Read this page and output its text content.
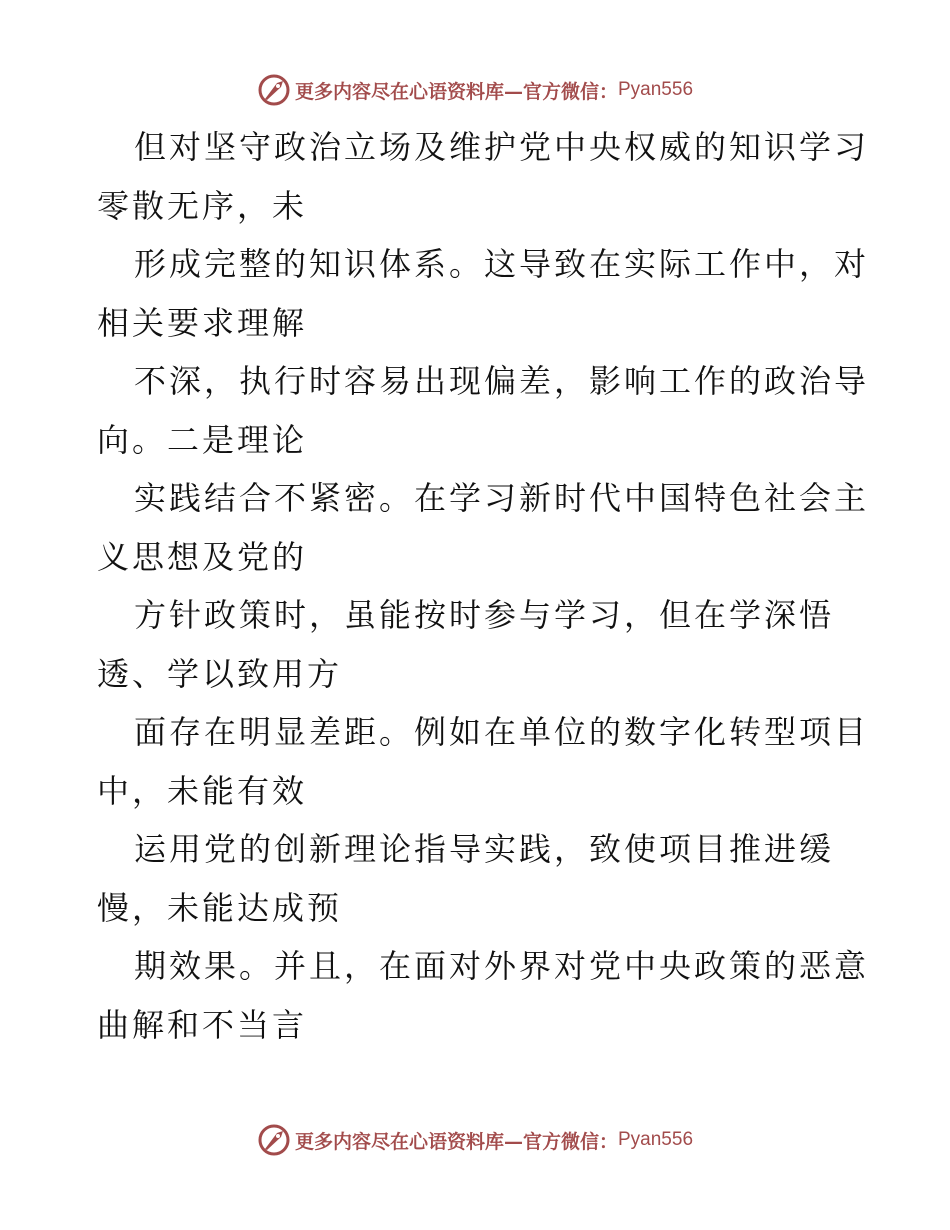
更多内容尽在心语资料库—官方微信： Pyan556
但对坚守政治立场及维护党中央权威的知识学习
零散无序，未
形成完整的知识体系。这导致在实际工作中，对
相关要求理解
不深，执行时容易出现偏差，影响工作的政治导
向。二是理论
实践结合不紧密。在学习新时代中国特色社会主
义思想及党的
方针政策时，虽能按时参与学习，但在学深悟
透、学以致用方
面存在明显差距。例如在单位的数字化转型项目
中，未能有效
运用党的创新理论指导实践，致使项目推进缓
慢，未能达成预
期效果。并且，在面对外界对党中央政策的恶意
曲解和不当言
更多内容尽在心语资料库—官方微信： Pyan556
